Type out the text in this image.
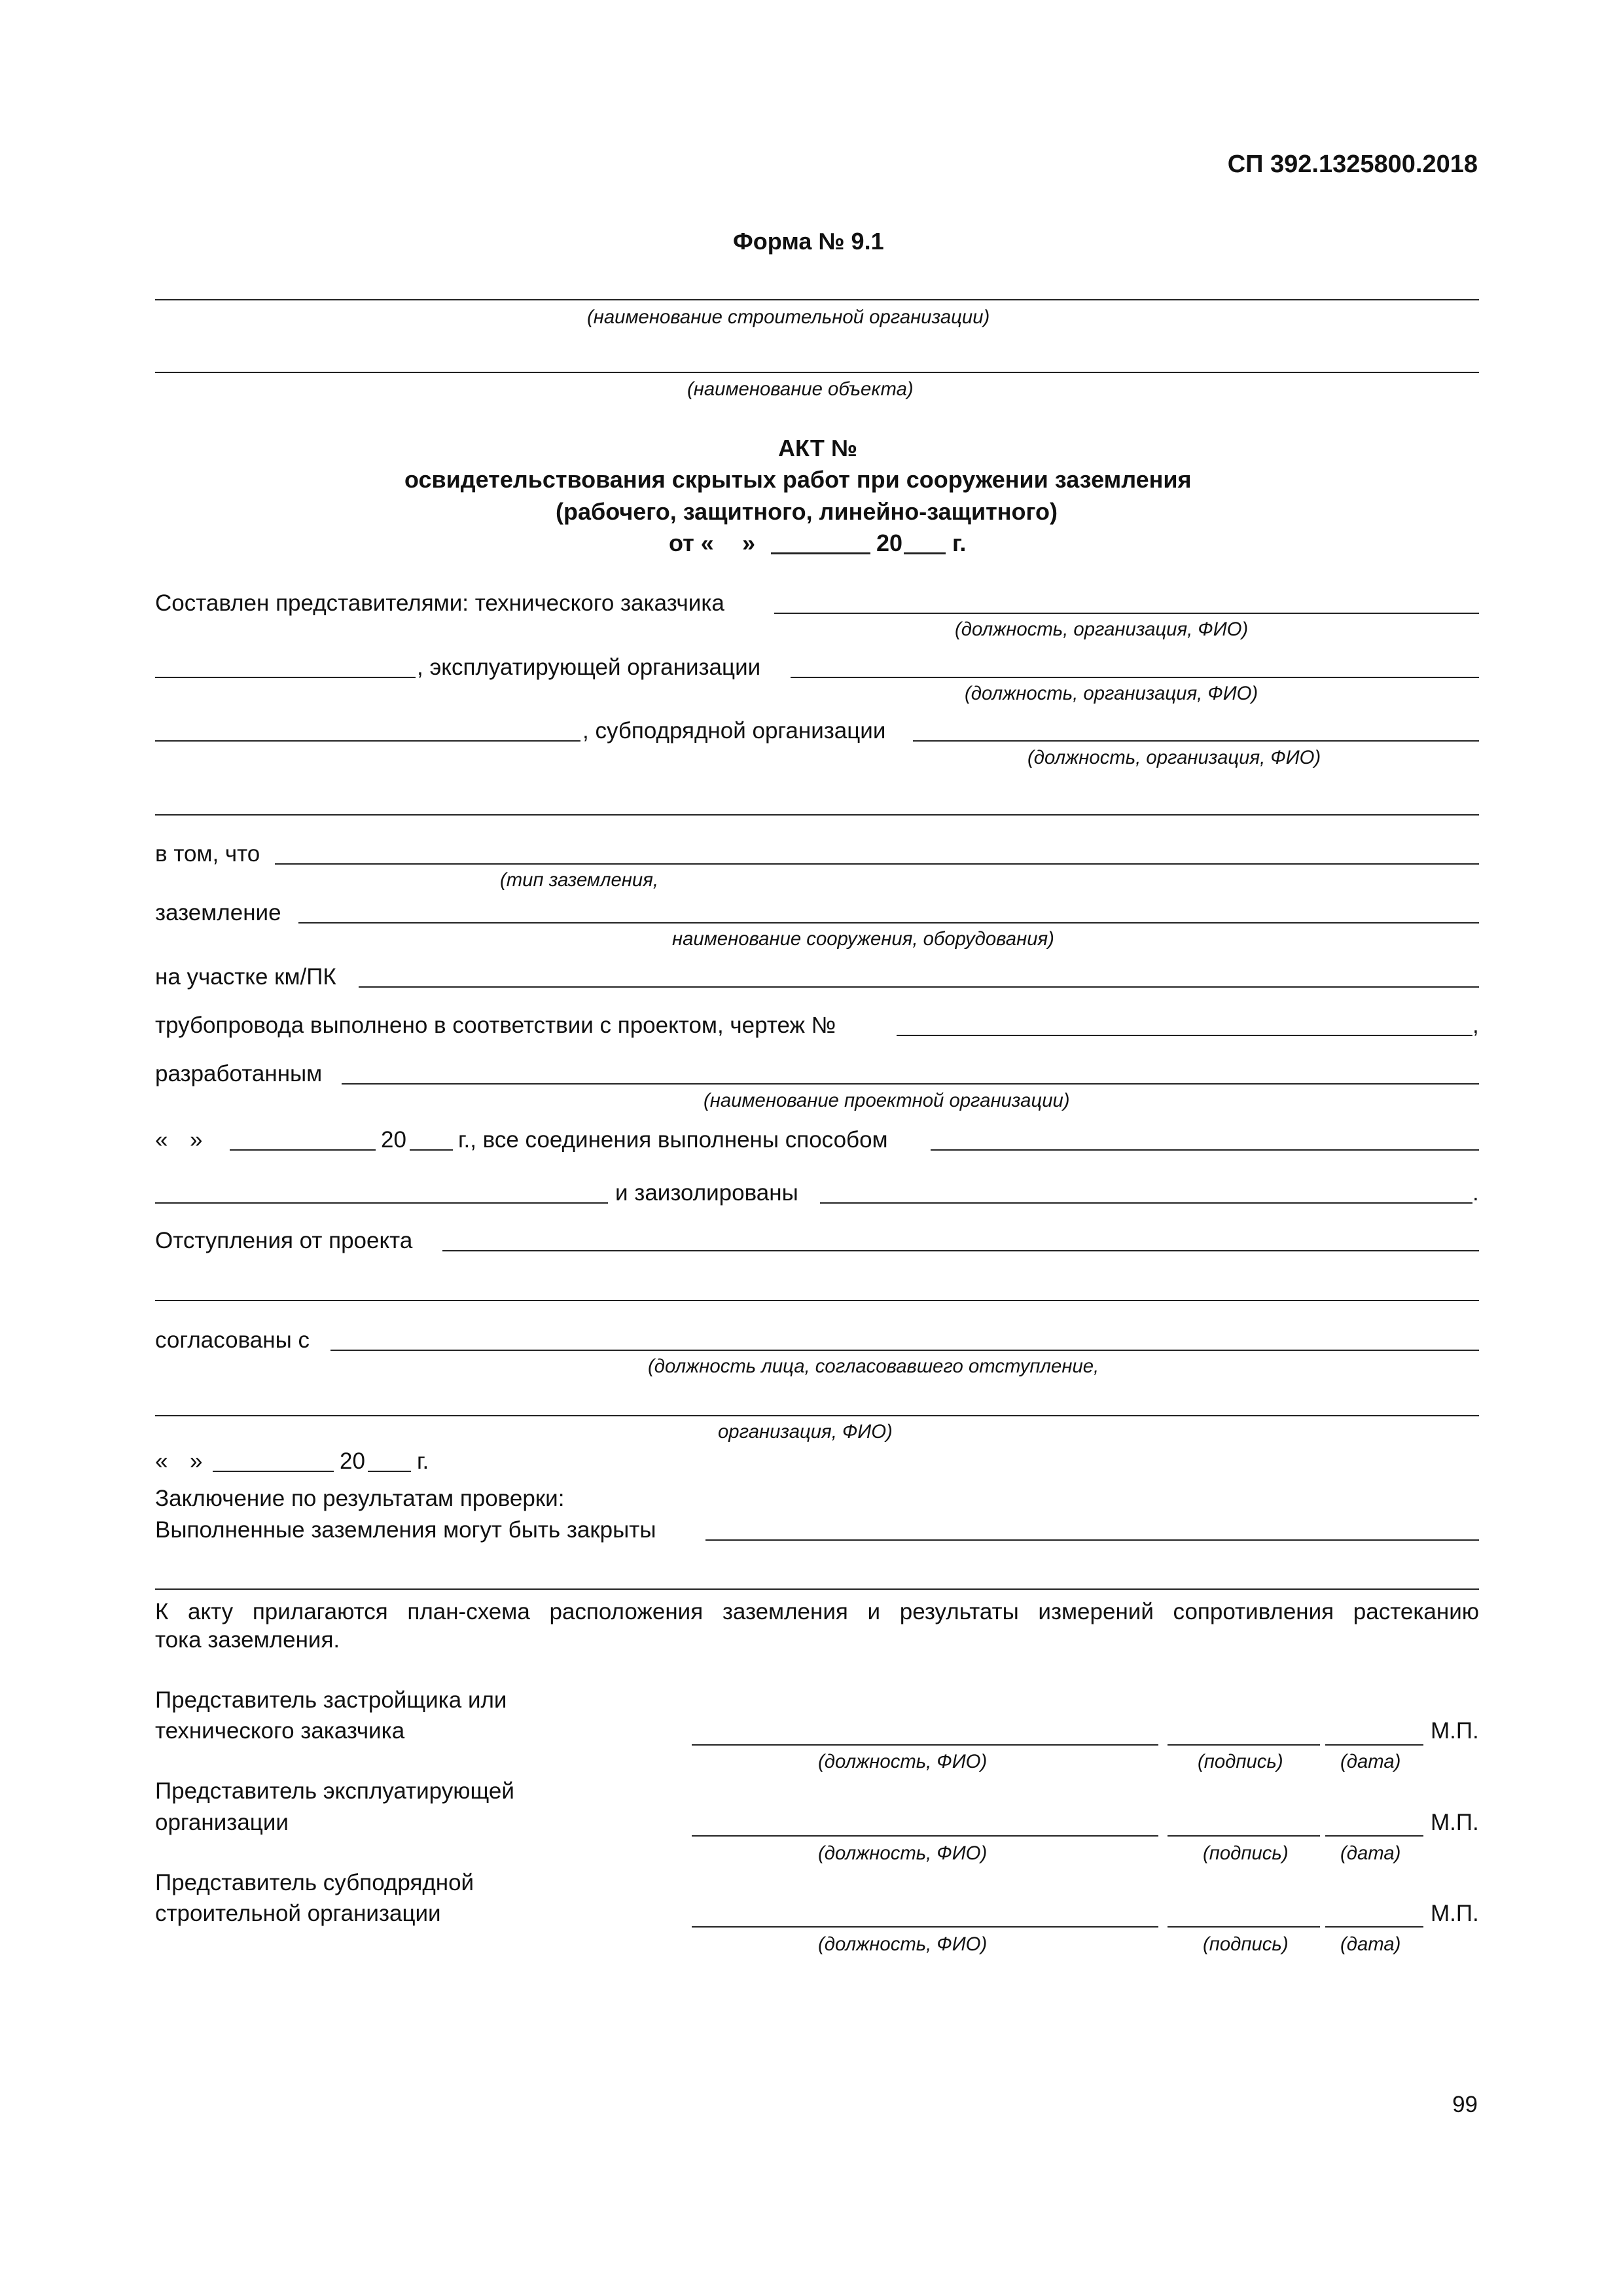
СП 392.1325800.2018
Форма № 9.1
(наименование строительной организации)
(наименование объекта)
АКТ №
освидетельствования скрытых работ при сооружении заземления
(рабочего, защитного, линейно-защитного)
от « »	20 г.
Составлен представителями: технического заказчика
(должность, организация, ФИО)
, эксплуатирующей организации
(должность, организация, ФИО)
, субподрядной организации
(должность, организация, ФИО)
в том, что
(тип заземления,
заземление
наименование сооружения, оборудования)
на участке км/ПК
трубопровода выполнено в соответствии с проектом, чертеж №	,
разработанным
(наименование проектной организации)
« »	20 г., все соединения выполнены способом
и заизолированы	.
Отступления от проекта
согласованы с
(должность лица, согласовавшего отступление,
организация, ФИО)
« »	20 г.
Заключение по результатам проверки:
Выполненные заземления могут быть закрыты
К акту прилагаются план-схема расположения заземления и результаты измерений сопротивления растеканию
тока заземления.
Представитель застройщика или
технического заказчика	М.П.
(должность, ФИО)	(подпись)	(дата)
Представитель эксплуатирующей
организации	М.П.
(должность, ФИО)	(подпись)	(дата)
Представитель субподрядной
строительной организации	М.П.
(должность, ФИО)	(подпись)	(дата)
99
